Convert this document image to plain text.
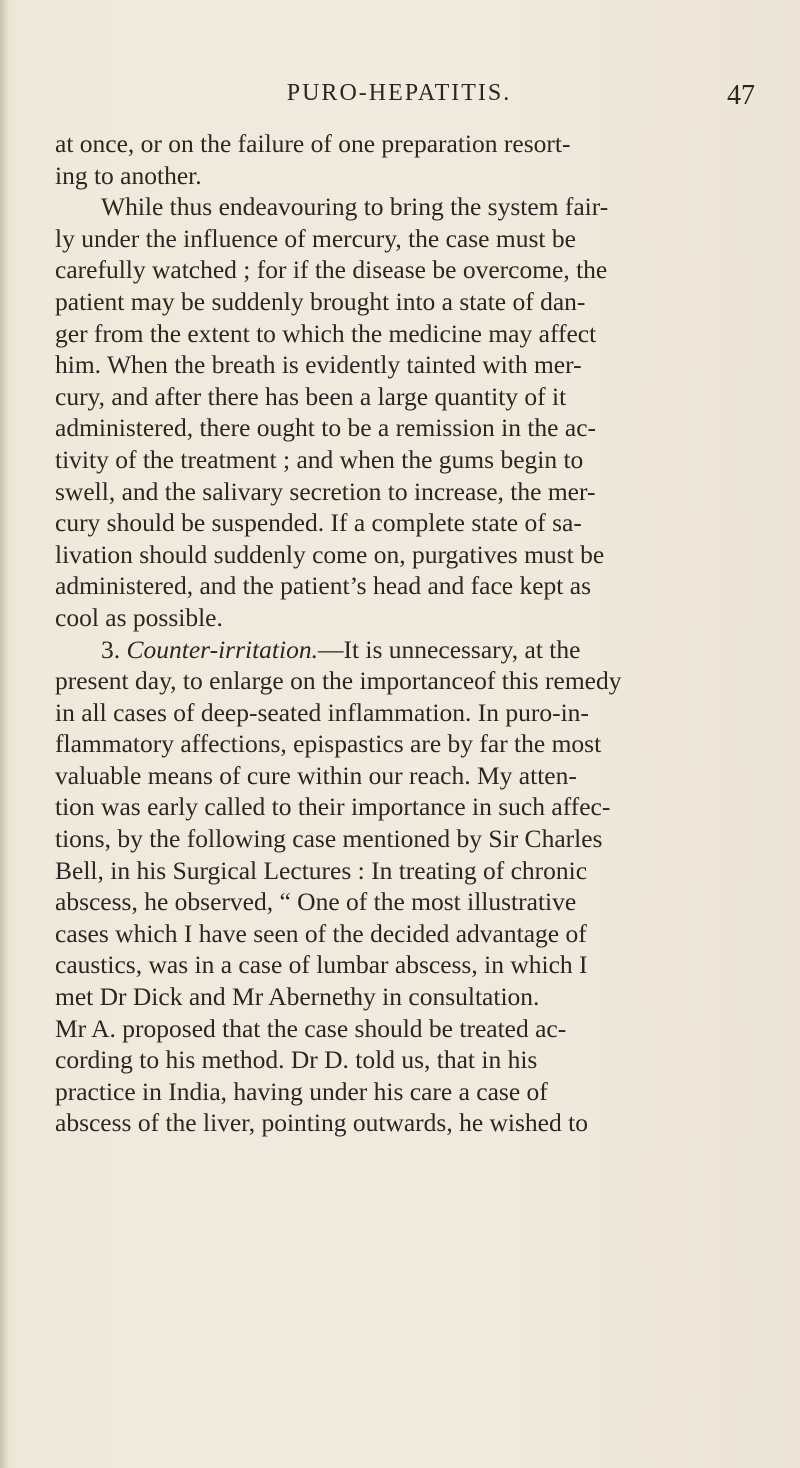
PURO-HEPATITIS.	47
at once, or on the failure of one preparation resort-
ing to another.
While thus endeavouring to bring the system fair-
ly under the influence of mercury, the case must be
carefully watched ; for if the disease be overcome, the
patient may be suddenly brought into a state of dan-
ger from the extent to which the medicine may affect
him. When the breath is evidently tainted with mer-
cury, and after there has been a large quantity of it
administered, there ought to be a remission in the ac-
tivity of the treatment ; and when the gums begin to
swell, and the salivary secretion to increase, the mer-
cury should be suspended. If a complete state of sa-
livation should suddenly come on, purgatives must be
administered, and the patient’s head and face kept as
cool as possible.
3. Counter-irritation.—It is unnecessary, at the
present day, to enlarge on the importanceof this remedy
in all cases of deep-seated inflammation. In puro-in-
flammatory affections, epispastics are by far the most
valuable means of cure within our reach. My atten-
tion was early called to their importance in such affec-
tions, by the following case mentioned by Sir Charles
Bell, in his Surgical Lectures : In treating of chronic
abscess, he observed, “ One of the most illustrative
cases which I have seen of the decided advantage of
caustics, was in a case of lumbar abscess, in which I
met Dr Dick and Mr Abernethy in consultation.
Mr A. proposed that the case should be treated ac-
cording to his method. Dr D. told us, that in his
practice in India, having under his care a case of
abscess of the liver, pointing outwards, he wished to
